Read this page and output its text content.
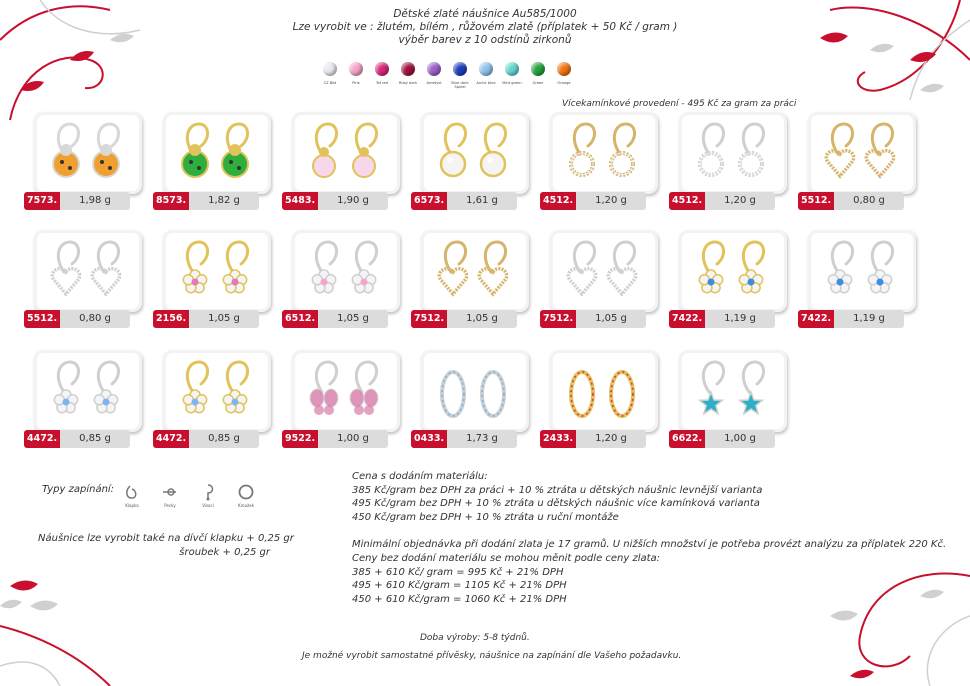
Dětské zlaté náušnice Au585/1000
Lze vyrobit ve : žlutém, bílém , růžovém zlatě (příplatek + 50 Kč / gram )
výběr barev z 10 odstínů zirkonů
CZ Bílá	Pink	Tof red	Ruby dark	Ametyst	Blue dark Spinel
Arctic blue Mint green	Green	Orange
Vícekamínkové provedení - 495 Kč za gram za práci
7573.	1,98 g	8573.	1,82 g	5483.	1,90 g	6573.	1,61 g	4512.	1,20 g	4512.	1,20 g	5512.	0,80 g
5512.	0,80 g	2156.	1,05 g	6512.	1,05 g	7512.	1,05 g	7512.	1,05 g	7422.	1,19 g	7422.	1,19 g
4472.	0,85 g	4472.	0,85 g	9522.	1,00 g	0433.	1,73 g	2433.	1,20 g	6622.	1,00 g
Typy zapínání:
Klapka	Pecky	Visací	Kroužek
Náušnice lze vyrobit také na dívčí klapku + 0,25 gr
šroubek + 0,25 gr
Cena s dodáním materiálu:
385 Kč/gram bez DPH za práci + 10 % ztráta u dětských náušnic levnější varianta
495 Kč/gram bez DPH + 10 % ztráta u dětských náušnic více kamínková varianta
450 Kč/gram bez DPH + 10 % ztráta u ruční montáže
Minimální objednávka při dodání zlata je 17 gramů. U nižších množství je potřeba provézt analýzu za příplatek 220 Kč.
Ceny bez dodání materiálu se mohou měnit podle ceny zlata:
385 + 610 Kč/ gram = 995 Kč + 21% DPH
495 + 610 Kč/gram = 1105 Kč + 21% DPH
450 + 610 Kč/gram = 1060 Kč + 21% DPH
Doba výroby: 5-8 týdnů.
Je možné vyrobit samostatné přívěsky, náušnice na zapínání dle Vašeho požadavku.
